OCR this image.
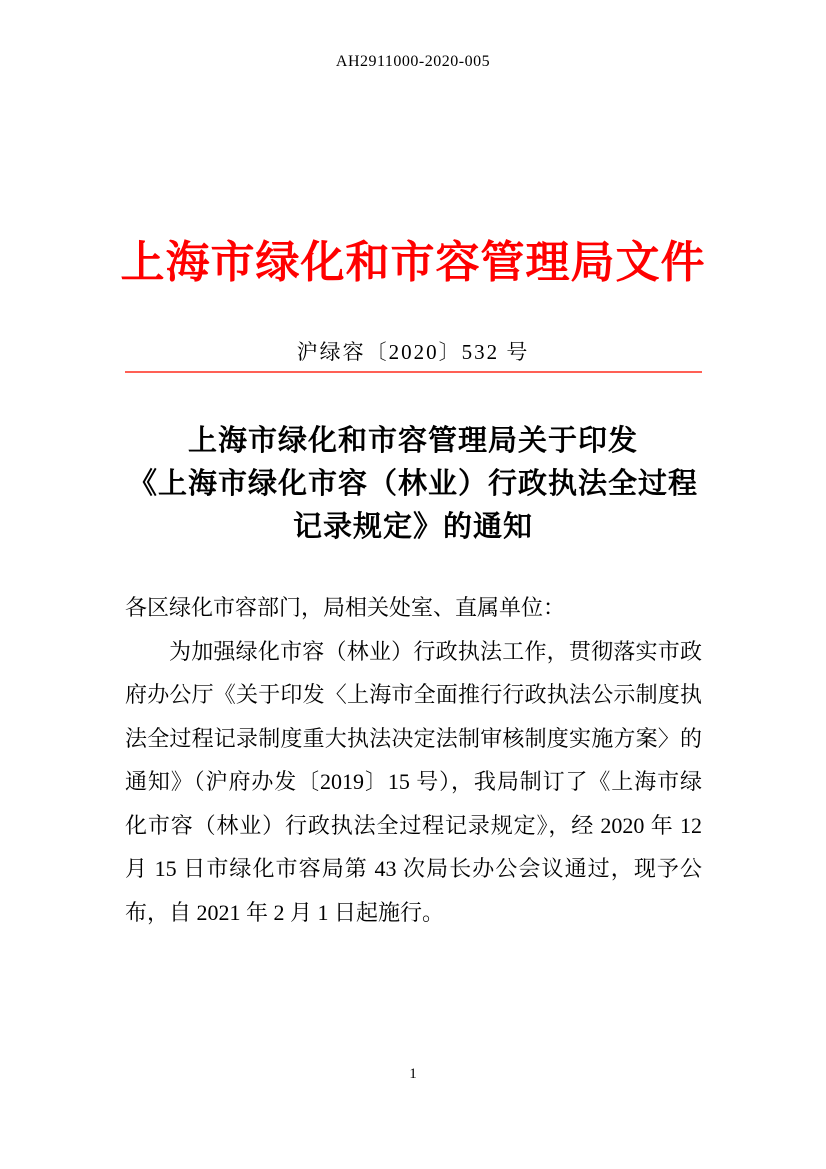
AH2911000-2020-005
上海市绿化和市容管理局文件
沪绿容〔2020〕532 号
上海市绿化和市容管理局关于印发
《上海市绿化市容（林业）行政执法全过程
记录规定》的通知
各区绿化市容部门，局相关处室、直属单位：
为加强绿化市容（林业）行政执法工作，贯彻落实市政府办公厅《关于印发〈上海市全面推行行政执法公示制度执法全过程记录制度重大执法决定法制审核制度实施方案〉的通知》（沪府办发〔2019〕15 号），我局制订了《上海市绿化市容（林业）行政执法全过程记录规定》，经 2020 年 12 月 15 日市绿化市容局第 43 次局长办公会议通过，现予公布，自 2021 年 2 月 1 日起施行。
1
